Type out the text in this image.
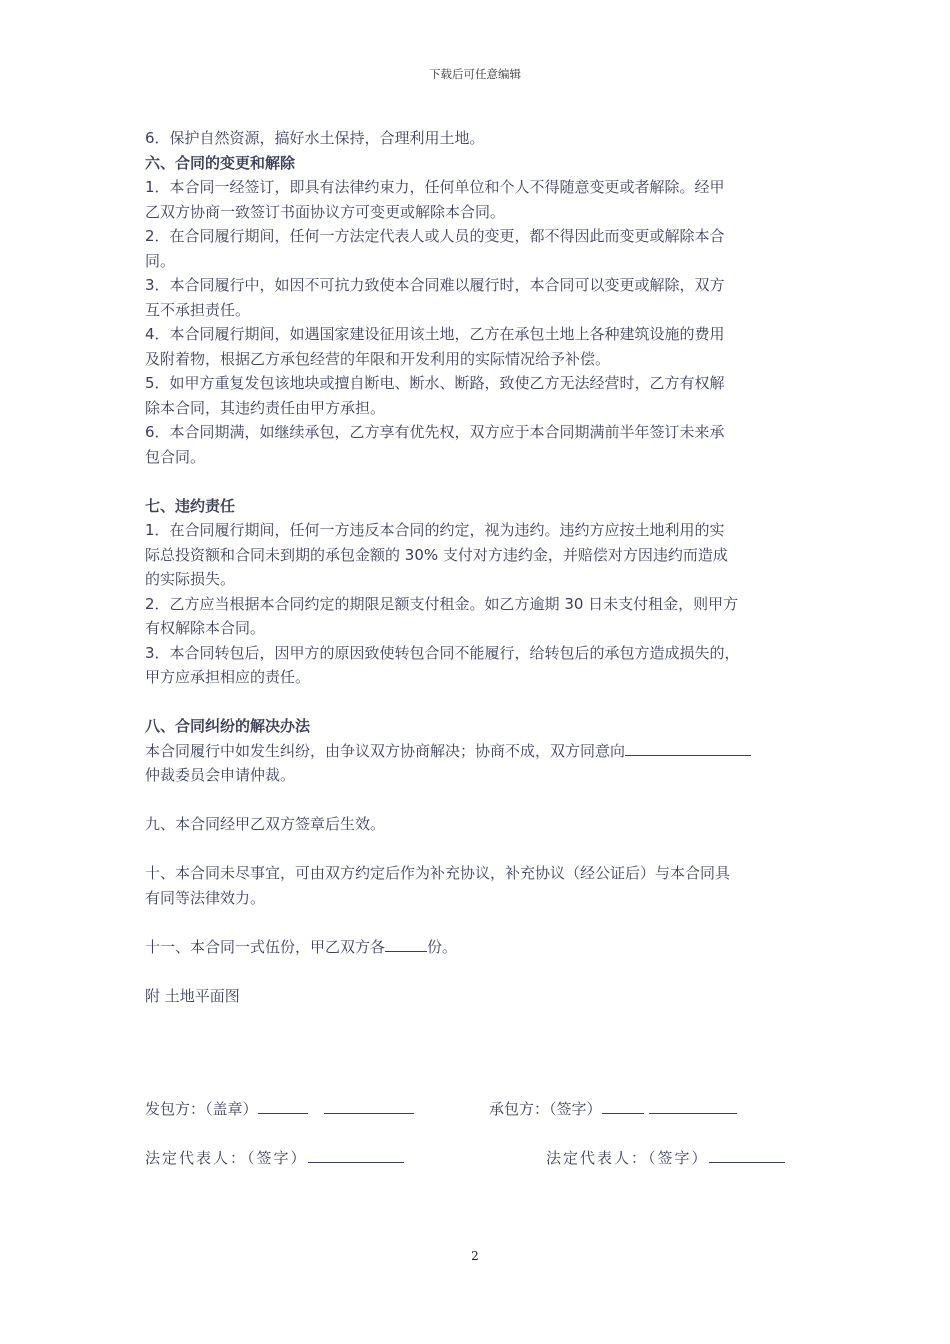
下载后可任意编辑

6．保护自然资源，搞好水土保持，合理利用土地。

六、合同的变更和解除

1．本合同一经签订，即具有法律约束力，任何单位和个人不得随意变更或者解除。经甲

乙双方协商一致签订书面协议方可变更或解除本合同。

2．在合同履行期间，任何一方法定代表人或人员的变更，都不得因此而变更或解除本合

同。

3．本合同履行中，如因不可抗力致使本合同难以履行时，本合同可以变更或解除，双方

互不承担责任。

4．本合同履行期间，如遇国家建设征用该土地，乙方在承包土地上各种建筑设施的费用

及附着物，根据乙方承包经营的年限和开发利用的实际情况给予补偿。

5．如甲方重复发包该地块或擅自断电、断水、断路，致使乙方无法经营时，乙方有权解

除本合同，其违约责任由甲方承担。

6．本合同期满，如继续承包，乙方享有优先权，双方应于本合同期满前半年签订未来承

包合同。

七、违约责任

1．在合同履行期间，任何一方违反本合同的约定，视为违约。违约方应按土地利用的实

际总投资额和合同未到期的承包金额的 30% 支付对方违约金，并赔偿对方因违约而造成

的实际损失。

2．乙方应当根据本合同约定的期限足额支付租金。如乙方逾期 30 日未支付租金，则甲方

有权解除本合同。

3．本合同转包后，因甲方的原因致使转包合同不能履行，给转包后的承包方造成损失的，

甲方应承担相应的责任。

八、合同纠纷的解决办法

本合同履行中如发生纠纷，由争议双方协商解决；协商不成，双方同意向

仲裁委员会申请仲裁。

九、本合同经甲乙双方签章后生效。

十、本合同未尽事宜，可由双方约定后作为补充协议，补充协议（经公证后）与本合同具

有同等法律效力。

十一、本合同一式伍份，甲乙双方各	份。

附 土地平面图

发包方：（盖章）	承包方：（签字）
法定代表人：（签字）	法定代表人：（签字）
2
